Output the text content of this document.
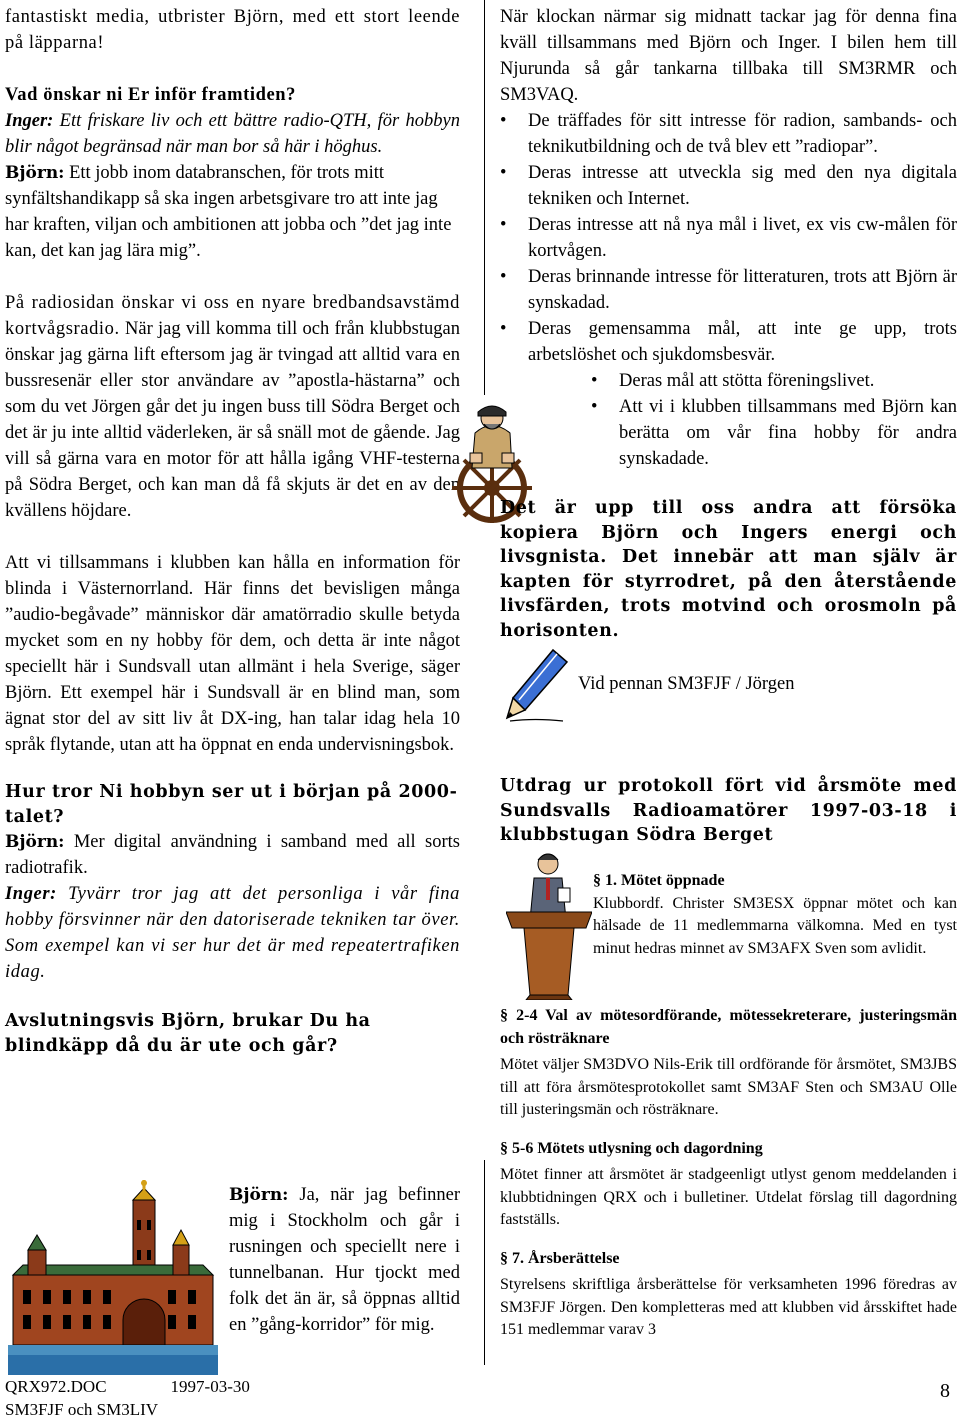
fantastiskt media, utbrister Björn, med ett stort leende på läpparna!

Vad önskar ni Er inför framtiden?

Inger: Ett friskare liv och ett bättre radio-QTH, för hobbyn blir något begränsad när man bor så här i höghus.

Björn: Ett jobb inom databranschen, för trots mitt synfältshandikapp så ska ingen arbetsgivare tro att inte jag har kraften, viljan och ambitionen att jobba och ”det jag inte kan, det kan jag lära mig”.

På radiosidan önskar vi oss en nyare bredbandsavstämd kortvågsradio. När jag vill komma till och från klubbstugan önskar jag gärna lift eftersom jag är tvingad att alltid vara en bussresenär eller stor användare av ”apostla-hästarna” och som du vet Jörgen går det ju ingen buss till Södra Berget och det är ju inte alltid väderleken, är så snäll mot de gående. Jag vill så gärna vara en motor för att hålla igång VHF-testerna på Södra Berget, och kan man då få skjuts är det en av den kvällens höjdare.

Att vi tillsammans i klubben kan hålla en information för blinda i Västernorrland. Här finns det bevisligen många ”audio-begåvade” människor där amatörradio skulle betyda mycket som en ny hobby för dem, och detta är inte något speciellt här i Sundsvall utan allmänt i hela Sverige, säger Björn. Ett exempel här i Sundsvall är en blind man, som ägnat stor del av sitt liv åt DX-ing, han talar idag hela 10 språk flytande, utan att ha öppnat en enda undervisningsbok.

Hur tror Ni hobbyn ser ut i början på 2000-talet?

Björn: Mer digital användning i samband med all sorts radiotrafik.

Inger: Tyvärr tror jag att det personliga i vår fina hobby försvinner när den datoriserade tekniken tar över. Som exempel kan vi ser hur det är med repeatertrafiken idag.

Avslutningsvis Björn, brukar Du ha blindkäpp då du är ute och går?

Björn: Ja, när jag befinner mig i Stockholm och går i rusningen och speciellt nere i tunnelbanan. Hur tjockt med folk det än är, så öppnas alltid en ”gång-korridor” för mig.

När klockan närmar sig midnatt tackar jag för denna fina kväll tillsammans med Björn och Inger. I bilen hem till Njurunda så går tankarna tillbaka till SM3RMR och SM3VAQ.

• De träffades för sitt intresse för radion, sambands- och teknikutbildning och de två blev ett ”radiopar”.
• Deras intresse att utveckla sig med den nya digitala tekniken och Internet.
• Deras intresse att nå nya mål i livet, ex vis cw-målen för kortvågen.
• Deras brinnande intresse för litteraturen, trots att Björn är synskadad.
• Deras gemensamma mål, att inte ge upp, trots arbetslöshet och sjukdomsbesvär.
• Deras mål att stötta föreningslivet.
• Att vi i klubben tillsammans med Björn kan berätta om vår fina hobby för andra synskadade.

Det är upp till oss andra att försöka kopiera Björn och Ingers energi och livsgnista. Det innebär att man själv är kapten för styrrodret, på den återstående livsfärden, trots motvind och orosmoln på horisonten.

Vid pennan SM3FJF / Jörgen

Utdrag ur protokoll fört vid årsmöte med Sundsvalls Radioamatörer 1997-03-18 i klubbstugan Södra Berget

§ 1. Mötet öppnade

Klubbordf. Christer SM3ESX öppnar mötet och kan hälsade de 11 medlemmarna välkomna. Med en tyst minut hedras minnet av SM3AFX Sven som avlidit.

§ 2-4 Val av mötesordförande, mötessekreterare, justeringsmän och rösträknare

Mötet väljer SM3DVO Nils-Erik till ordförande för årsmötet, SM3JBS till att föra årsmötesprotokollet samt SM3AF Sten och SM3AU Olle till justeringsmän och rösträknare.

§ 5-6 Mötets utlysning och dagordning

Mötet finner att årsmötet är stadgeenligt utlyst genom meddelanden i klubbtidningen QRX och i bulletiner. Utdelat förslag till dagordning fastställs.

§ 7. Årsberättelse

Styrelsens skriftliga årsberättelse för verksamheten 1996 föredras av SM3FJF Jörgen. Den kompletteras med att klubben vid årsskiftet hade 151 medlemmar varav 3

QRX972.DOC	1997-03-30
SM3FJF och SM3LIV
8
